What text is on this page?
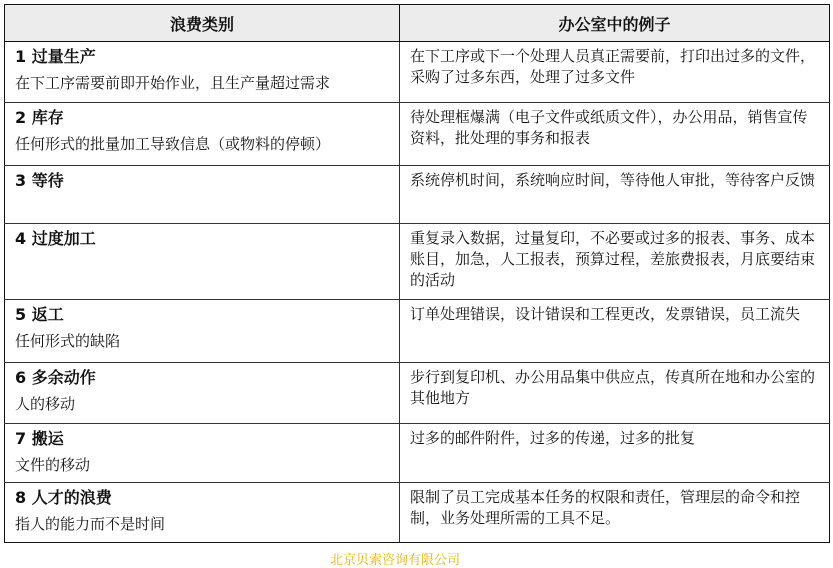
浪费类别	办公室中的例子

1 过量生产
在下工序需要前即开始作业，且生产量超过需求	在下工序或下一个处理人员真正需要前，打印出过多的文件，采购了过多东西，处理了过多文件

2 库存
任何形式的批量加工导致信息（或物料的停顿）	待处理框爆满（电子文件或纸质文件），办公用品，销售宣传资料，批处理的事务和报表

3 等待	系统停机时间，系统响应时间，等待他人审批，等待客户反馈

4 过度加工	重复录入数据，过量复印，不必要或过多的报表、事务、成本账目，加急，人工报表，预算过程，差旅费报表，月底要结束的活动

5 返工
任何形式的缺陷	订单处理错误，设计错误和工程更改，发票错误，员工流失

6 多余动作
人的移动	步行到复印机、办公用品集中供应点，传真所在地和办公室的其他地方

7 搬运
文件的移动	过多的邮件附件，过多的传递，过多的批复

8 人才的浪费
指人的能力而不是时间	限制了员工完成基本任务的权限和责任，管理层的命令和控制，业务处理所需的工具不足。
北京贝索咨询有限公司
